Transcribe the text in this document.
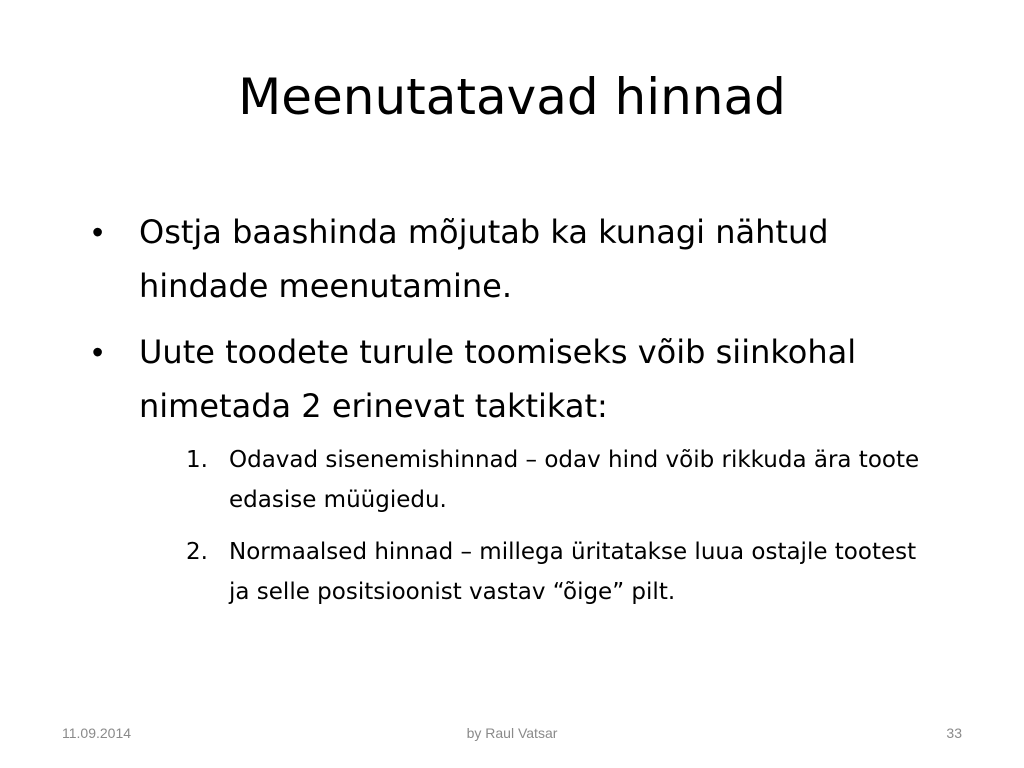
Meenutatavad hinnad
• Ostja baashinda mõjutab ka kunagi nähtud hindade meenutamine.
• Uute toodete turule toomiseks võib siinkohal nimetada 2 erinevat taktikat:
1. Odavad sisenemishinnad – odav hind võib rikkuda ära toote edasise müügiedu.
2. Normaalsed hinnad – millega üritatakse luua ostajle tootest ja selle positsioonist vastav “õige” pilt.
11.09.2014	by Raul Vatsar	33
